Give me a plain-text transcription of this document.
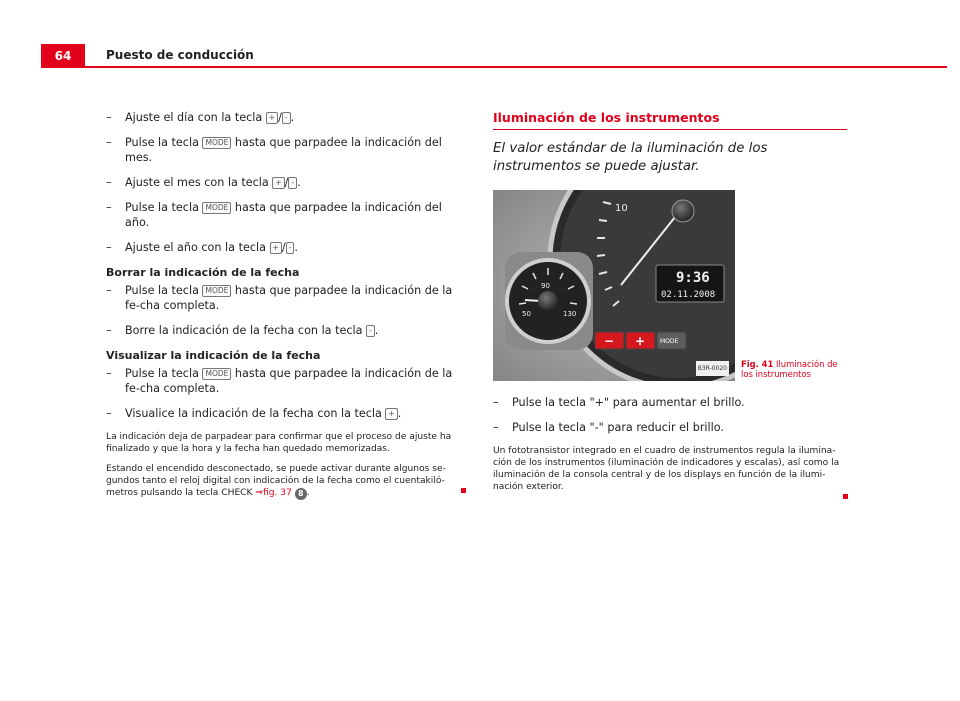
64	Puesto de conducción
–	Ajuste el día con la tecla + / - .
–	Pulse la tecla MODE hasta que parpadee la indicación del mes.
–	Ajuste el mes con la tecla + / - .
–	Pulse la tecla MODE hasta que parpadee la indicación del año.
–	Ajuste el año con la tecla + / - .
Borrar la indicación de la fecha
–	Pulse la tecla MODE hasta que parpadee la indicación de la fe-cha completa.
–	Borre la indicación de la fecha con la tecla - .
Visualizar la indicación de la fecha
–	Pulse la tecla MODE hasta que parpadee la indicación de la fe-cha completa.
–	Visualice la indicación de la fecha con la tecla + .
La indicación deja de parpadear para confirmar que el proceso de ajuste ha finalizado y que la hora y la fecha han quedado memorizadas.
Estando el encendido desconectado, se puede activar durante algunos se-gundos tanto el reloj digital con indicación de la fecha como el cuentakiló-metros pulsando la tecla CHECK ⇒fig. 37 8 .
Iluminación de los instrumentos
El valor estándar de la iluminación de los instrumentos se puede ajustar.
10
9:36
02.11.2008
50
90
130
− + MODE
B3R-0020 Fig. 41 Iluminación de los instrumentos
–	Pulse la tecla "+" para aumentar el brillo.
–	Pulse la tecla "-" para reducir el brillo.
Un fototransistor integrado en el cuadro de instrumentos regula la ilumina-ción de los instrumentos (iluminación de indicadores y escalas), así como la iluminación de la consola central y de los displays en función de la ilumi-nación exterior.
